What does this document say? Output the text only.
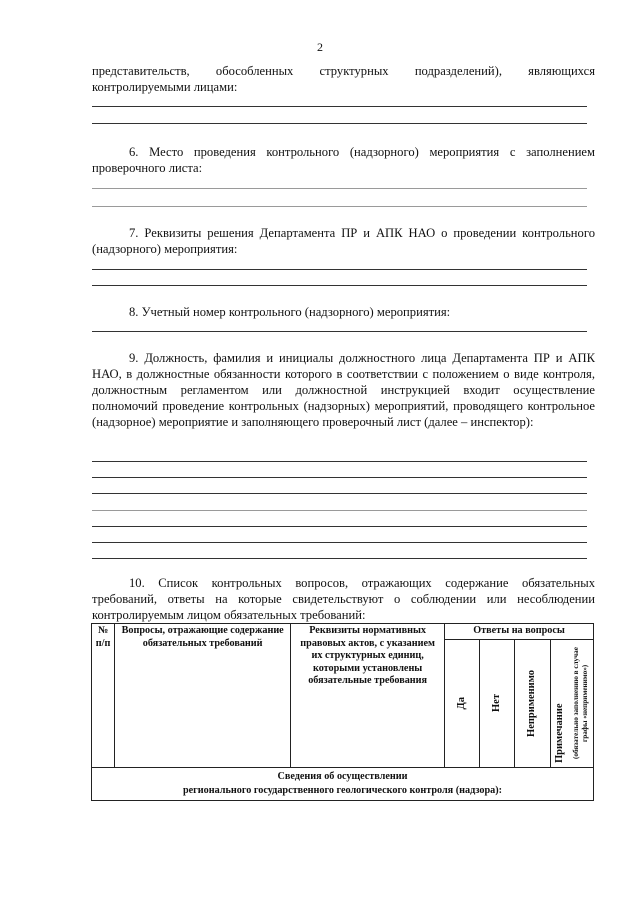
2
представительств, обособленных структурных подразделений), являющихся контролируемыми лицами:
6. Место проведения контрольного (надзорного) мероприятия с заполнением проверочного листа:
7. Реквизиты решения Департамента ПР и АПК НАО о проведении контрольного (надзорного) мероприятия:
8. Учетный номер контрольного (надзорного) мероприятия:
9. Должность, фамилия и инициалы должностного лица Департамента ПР и АПК НАО, в должностные обязанности которого в соответствии с положением о виде контроля, должностным регламентом или должностной инструкцией входит осуществление полномочий проведение контрольных (надзорных) мероприятий, проводящего контрольное (надзорное) мероприятие и заполняющего проверочный лист (далее – инспектор):
10. Список контрольных вопросов, отражающих содержание обязательных требований, ответы на которые свидетельствуют о соблюдении или несоблюдении контролируемым лицом обязательных требований:
№ п/п	Вопросы, отражающие содержание обязательных требований	Реквизиты нормативных правовых актов, с указанием их структурных единиц, которыми установлены обязательные требования	Ответы на вопросы			

			Да	Нет	Неприменимо	Примечание (обязательно заполнению в случае графы «неприменимо»)

Сведения об осуществлении
регионального государственного геологического контроля (надзора):						
